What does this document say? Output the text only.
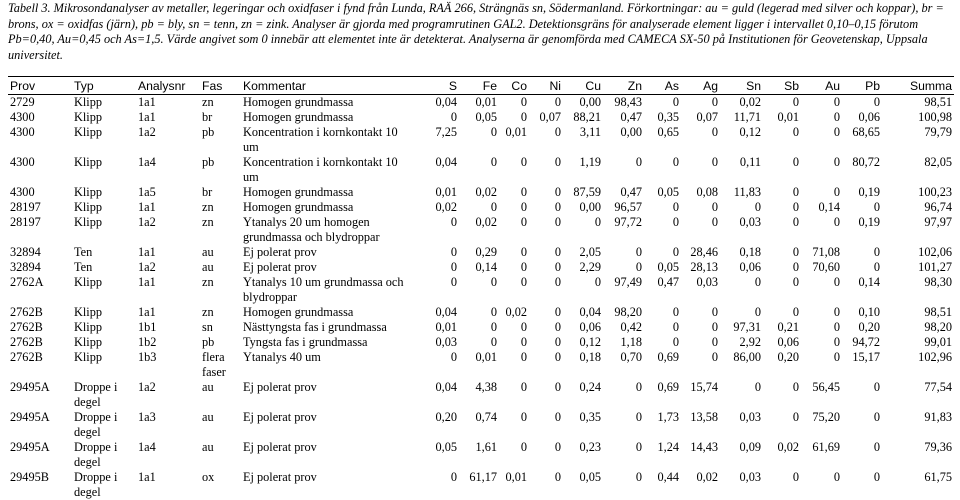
Tabell 3. Mikrosondanalyser av metaller, legeringar och oxidfaser i fynd från Lunda, RAÄ 266, Strängnäs sn, Södermanland. Förkortningar: au = guld (legerad med silver och koppar), br = brons, ox = oxidfas (järn), pb = bly, sn = tenn, zn = zink. Analyser är gjorda med programrutinen GAL2. Detektionsgräns för analyserade element ligger i intervallet 0,10–0,15 förutom Pb=0,40, Au=0,45 och As=1,5. Värde angivet som 0 innebär att elementet inte är detekterat. Analyserna är genomförda med CAMECA SX-50 på Institutionen för Geovetenskap, Uppsala universitet.
Prov	Typ	Analysnr	Fas	Kommentar	S	Fe	Co	Ni	Cu	Zn	As	Ag	Sn	Sb	Au	Pb	Summa
2729	Klipp	1a1	zn	Homogen grundmassa	0,04	0,01	0	0	0,00	98,43	0	0	0,02	0	0	0	98,51
4300	Klipp	1a1	br	Homogen grundmassa	0	0,05	0	0,07	88,21	0,47	0,35	0,07	11,71	0,01	0	0,06	100,98
4300	Klipp	1a2	pb	Koncentration i kornkontakt 10 um	7,25	0	0,01	0	3,11	0,00	0,65	0	0,12	0	0	68,65	79,79
4300	Klipp	1a4	pb	Koncentration i kornkontakt 10 um	0,04	0	0	0	1,19	0	0	0	0,11	0	0	80,72	82,05
4300	Klipp	1a5	br	Homogen grundmassa	0,01	0,02	0	0	87,59	0,47	0,05	0,08	11,83	0	0	0,19	100,23
28197	Klipp	1a1	zn	Homogen grundmassa	0,02	0	0	0	0,00	96,57	0	0	0	0	0,14	0	96,74
28197	Klipp	1a2	zn	Ytanalys 20 um homogen grundmassa och blydroppar	0	0,02	0	0	0	97,72	0	0	0,03	0	0	0,19	97,97
32894	Ten	1a1	au	Ej polerat prov	0	0,29	0	0	2,05	0	0	28,46	0,18	0	71,08	0	102,06
32894	Ten	1a2	au	Ej polerat prov	0	0,14	0	0	2,29	0	0,05	28,13	0,06	0	70,60	0	101,27
2762A	Klipp	1a1	zn	Ytanalys 10 um grundmassa och blydroppar	0	0	0	0	0	97,49	0,47	0,03	0	0	0	0,14	98,30
2762B	Klipp	1a1	zn	Homogen grundmassa	0,04	0	0,02	0	0,04	98,20	0	0	0	0	0	0,10	98,51
2762B	Klipp	1b1	sn	Nästtyngsta fas i grundmassa	0,01	0	0	0	0,06	0,42	0	0	97,31	0,21	0	0,20	98,20
2762B	Klipp	1b2	pb	Tyngsta fas i grundmassa	0,03	0	0	0	0,12	1,18	0	0	2,92	0,06	0	94,72	99,01
2762B	Klipp	1b3	flera faser	Ytanalys 40 um	0	0,01	0	0	0,18	0,70	0,69	0	86,00	0,20	0	15,17	102,96
29495A	Droppe i degel	1a2	au	Ej polerat prov	0,04	4,38	0	0	0,24	0	0,69	15,74	0	0	56,45	0	77,54
29495A	Droppe i degel	1a3	au	Ej polerat prov	0,20	0,74	0	0	0,35	0	1,73	13,58	0,03	0	75,20	0	91,83
29495A	Droppe i degel	1a4	au	Ej polerat prov	0,05	1,61	0	0	0,23	0	1,24	14,43	0,09	0,02	61,69	0	79,36
29495B	Droppe i degel	1a1	ox	Ej polerat prov	0	61,17	0,01	0	0,05	0	0,44	0,02	0,03	0	0	0	61,75
